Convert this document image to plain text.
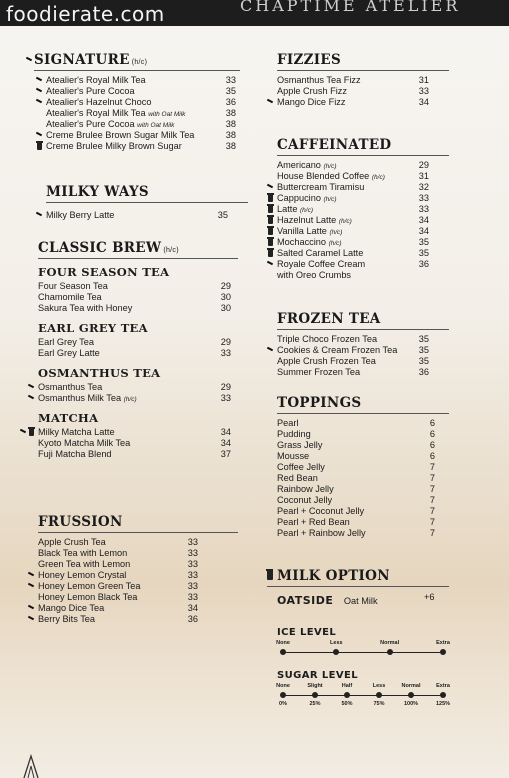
foodierate.com	CHAPTIME ATELIER
SIGNATURE (h/c)
Atealier's Royal Milk Tea	33
Atealier's Pure Cocoa	35
Atealier's Hazelnut Choco	36
Atealier's Royal Milk Tea with Oat Milk	38
Atealier's Pure Cocoa with Oat Milk	38
Creme Brulee Brown Sugar Milk Tea	38
Creme Brulee Milky Brown Sugar	38
MILKY WAYS
Milky Berry Latte	35
CLASSIC BREW (h/c)
FOUR SEASON TEA
Four Season Tea	29
Chamomile Tea	30
Sakura Tea with Honey	30
EARL GREY TEA
Earl Grey Tea	29
Earl Grey Latte	33
OSMANTHUS TEA
Osmanthus Tea	29
Osmanthus Milk Tea (h/c)	33
MATCHA
Milky Matcha Latte	34
Kyoto Matcha Milk Tea	34
Fuji Matcha Blend	37
FRUSSION
Apple Crush Tea	33
Black Tea with Lemon	33
Green Tea with Lemon	33
Honey Lemon Crystal	33
Honey Lemon Green Tea	33
Honey Lemon Black Tea	33
Mango Dice Tea	34
Berry Bits Tea	36
FIZZIES
Osmanthus Tea Fizz	31
Apple Crush Fizz	33
Mango Dice Fizz	34
CAFFEINATED
Americano (h/c)	29
House Blended Coffee (h/c)	31
Buttercream Tiramisu	32
Cappucino (h/c)	33
Latte (h/c)	33
Hazelnut Latte (h/c)	34
Vanilla Latte (h/c)	34
Mochaccino (h/c)	35
Salted Caramel Latte	35
Royale Coffee Cream	36
with Oreo Crumbs
FROZEN TEA
Triple Choco Frozen Tea	35
Cookies & Cream Frozen Tea	35
Apple Crush Frozen Tea	35
Summer Frozen Tea	36
TOPPINGS
Pearl	6
Pudding	6
Grass Jelly	6
Mousse	6
Coffee Jelly	7
Red Bean	7
Rainbow Jelly	7
Coconut Jelly	7
Pearl + Coconut Jelly	7
Pearl + Red Bean	7
Pearl + Rainbow Jelly	7
MILK OPTION
OATSIDE Oat Milk	+6
ICE LEVEL
None	Less	Normal	Extra
SUGAR LEVEL
None
0%
Slight
25%
Half
50%
Less
75%
Normal
100%
Extra
125%
